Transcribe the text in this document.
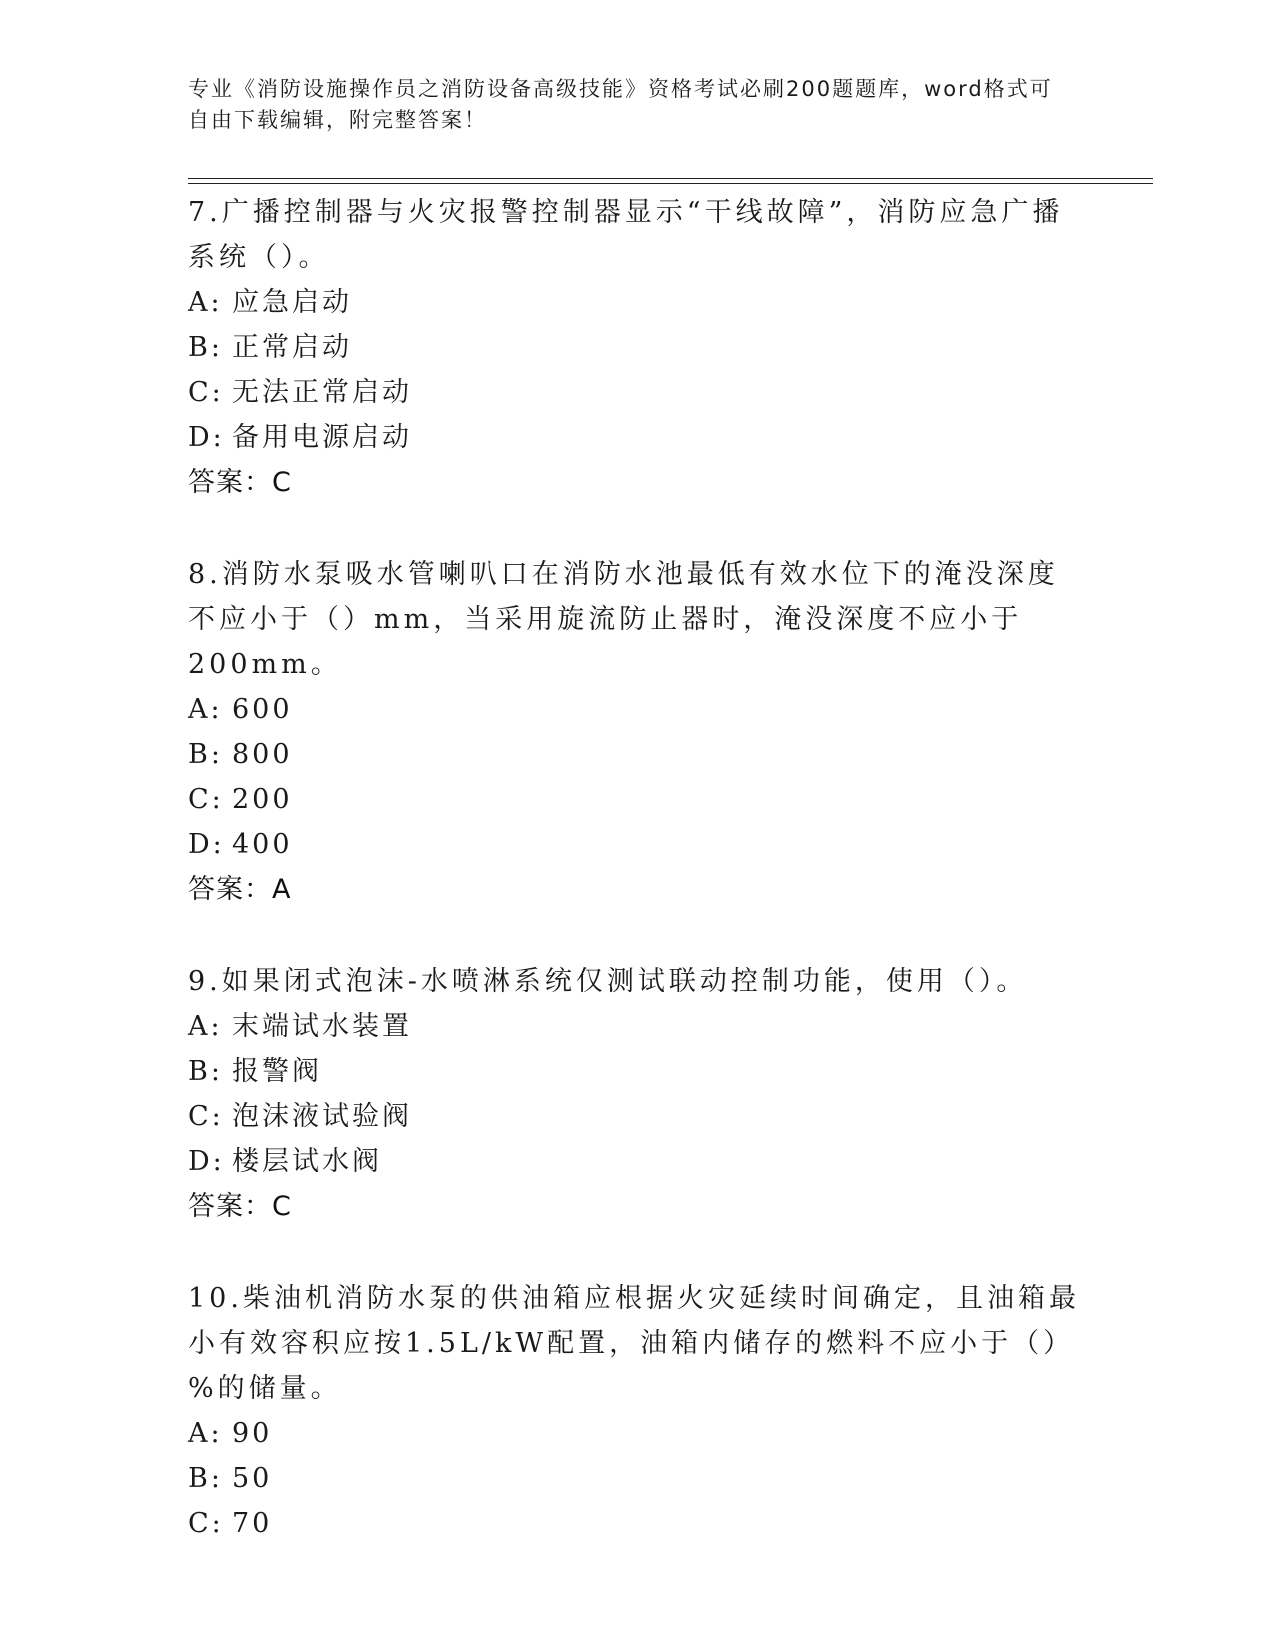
专业《消防设施操作员之消防设备高级技能》资格考试必刷200题题库，word格式可自由下载编辑，附完整答案！
7.广播控制器与火灾报警控制器显示“干线故障”，消防应急广播系统（）。
A: 应急启动
B: 正常启动
C: 无法正常启动
D: 备用电源启动
答案：C
8.消防水泵吸水管喇叭口在消防水池最低有效水位下的淹没深度不应小于（）mm，当采用旋流防止器时，淹没深度不应小于200mm。
A: 600
B: 800
C: 200
D: 400
答案：A
9.如果闭式泡沫-水喷淋系统仅测试联动控制功能，使用（）。
A: 末端试水装置
B: 报警阀
C: 泡沫液试验阀
D: 楼层试水阀
答案：C
10.柴油机消防水泵的供油箱应根据火灾延续时间确定，且油箱最小有效容积应按1.5L/kW配置，油箱内储存的燃料不应小于（）%的储量。
A: 90
B: 50
C: 70
